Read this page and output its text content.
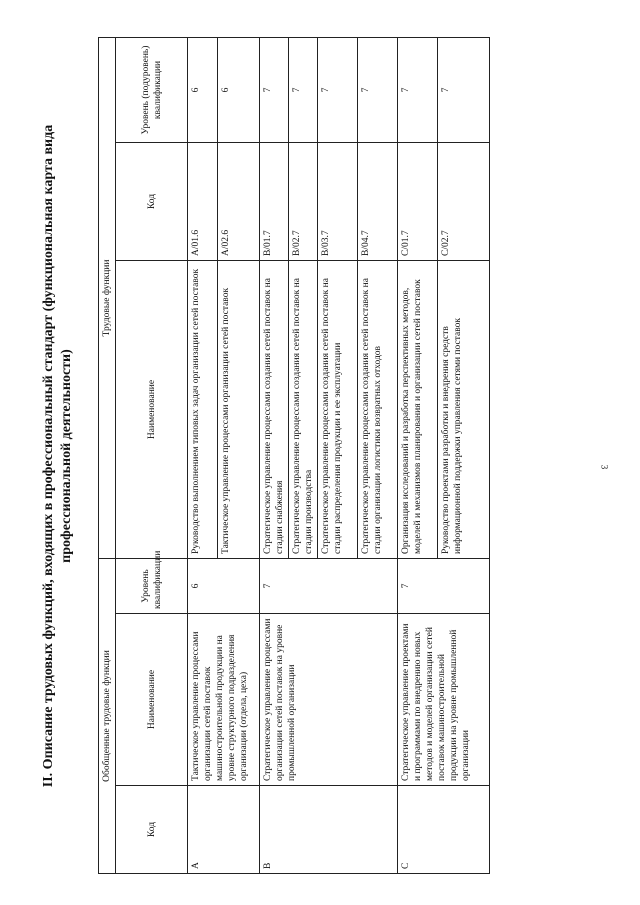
3
II. Описание трудовых функций, входящих в профессиональный стандарт (функциональная карта вида профессиональной деятельности)
Обобщенные трудовые функции			Трудовые функции		
Код	Наименование	Уровень квалификации	Наименование	Код	Уровень (подуровень) квалификации
A	Тактическое управление процессами организации сетей поставок машиностроительной продукции на уровне структурного подразделения организации (отдела, цеха)	6	Руководство выполнением типовых задач организации сетей поставок	A/01.6	6
			Тактическое управление процессами организации сетей поставок	A/02.6	6
B	Стратегическое управление процессами организации сетей поставок на уровне промышленной организации	7	Стратегическое управление процессами создания сетей поставок на стадии снабжения	B/01.7	7
			Стратегическое управление процессами создания сетей поставок на стадии производства	B/02.7	7
			Стратегическое управление процессами создания сетей поставок на стадии распределения продукции и ее эксплуатации	B/03.7	7
			Стратегическое управление процессами создания сетей поставок на стадии организации логистики возвратных отходов	B/04.7	7
C	Стратегическое управление проектами и программами по внедрению новых методов и моделей организации сетей поставок машиностроительной продукции на уровне промышленной организации	7	Организация исследований и разработка перспективных методов, моделей и механизмов планирования и организации сетей поставок	C/01.7	7
			Руководство проектами разработки и внедрения средств информационной поддержки управления сетями поставок	C/02.7	7
